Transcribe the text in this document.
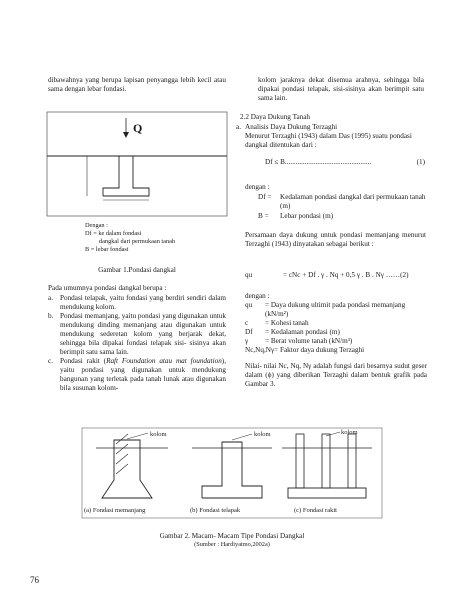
dibawahnya yang berupa lapisan penyangga lebih kecil atau sama dengan lebar fondasi.
Q
Dengan :
Df = ke dalam fondasi
dangkal dari permukaan tanah
B = lebar fondasi
Gambar 1.Pondasi dangkal
Pada umumnya pondasi dangkal berupa :
a. Pondasi telapak, yaitu fondasi yang berdiri sendiri dalam mendukung kolom.
b. Pondasi memanjang, yaitu pondasi yang digunakan untuk mendukung dinding memanjang atau digunakan untuk mendukung sederetan kolom yang berjarak dekat, sehingga bila dipakai fondasi telapak sisi- sisinya akan berimpit satu sama lain.
c. Pondasi rakit (Raft Foundation atau mat foundation), yaitu pondasi yang digunakan untuk mendukung bangunan yang terletak pada tanah lunak atau digunakan bila susunan kolom-
kolom jaraknya dekat disemua arahnya, sehingga bila dipakai pondasi telapak, sisi-sisinya akan berimpit satu sama lain.
2.2 Daya Dukung Tanah
a. Analisis Daya Dukung Terzaghi
Menurut Terzaghi (1943) dalam Das (1995) suatu pondasi dangkal ditentukan dari :
Df ≤ B. ...............................................	(1)
dengan :
Df =	Kedalaman pondasi dangkal dari permukaan tanah (m)
B =	Lebar pondasi (m)
Persamaan daya dukung untuk pondasi memanjang menurut Terzaghi (1943) dinyatakan sebagai berikut :
qu	= cNc + Df . γ . Nq + 0,5 γ . B . Nγ ……(2)
dengan :
qu	= Daya dukung ultimit pada pondasi memanjang (kN/m²)
c	= Kohesi tanah
Df	= Kedalaman pondasi (m)
γ	= Berat volume tanah (kN/m³)
Nc,Nq,Nγ = Faktor daya dukung Terzaghi
Nilai- nilai Nc, Nq, Nγ adalah fungsi dari besarnya sudut geser dalam (ϕ) yang diberikan Terzaghi dalam bentuk grafik pada Gambar 3.
kolom	kolom	kolom
(a) Fondasi memanjang	(b) Fondasi telapak	(c) Fondasi rakit
Gambar 2. Macam- Macam Tipe Pondasi Dangkal
(Sumber : Hardiyatmo,2002a)
76
